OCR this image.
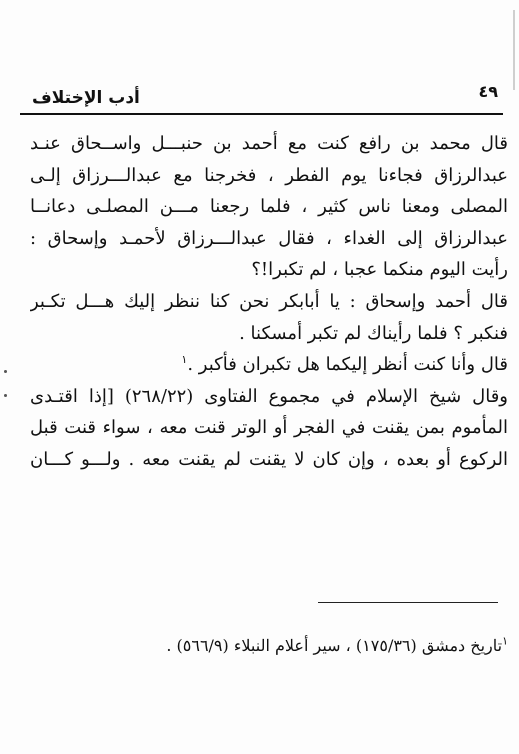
أدب الإختلاف	٤٩
قال محمد بن رافع كنت مع أحمد بن حنبـــل واســحاق عنـد
عبدالرزاق فجاءنا يوم الفطر ، فخرجنا مع عبدالـــرزاق إلـى
المصلى ومعنا ناس كثير ، فلما رجعنا مـــن المصلـى دعانــا
عبدالرزاق إلى الغداء ، فقال عبدالـــرزاق لأحمـد وإسحاق :
رأيت اليوم منكما عجبا ، لم تكبرا!؟
قال أحمد وإسحاق : يا أبابكر نحن كنا ننظر إليك هـــل تكـبر
فنكبر ؟ فلما رأيناك لم تكبر أمسكنا .
قال وأنا كنت أنظر إليكما هل تكبران فأكبر .$^١$
وقال شيخ الإسلام في مجموع الفتاوى (٢٦٨/٢٢) [إذا اقتـدى
المأموم بمن يقنت في الفجر أو الوتر قنت معه ، سواء قنت قبل
الركوع أو بعده ، وإن كان لا يقنت لم يقنت معه . ولـــو كـــان
$^١$تاريخ دمشق (١٧٥/٣٦) ، سير أعلام النبلاء (٥٦٦/٩) .
